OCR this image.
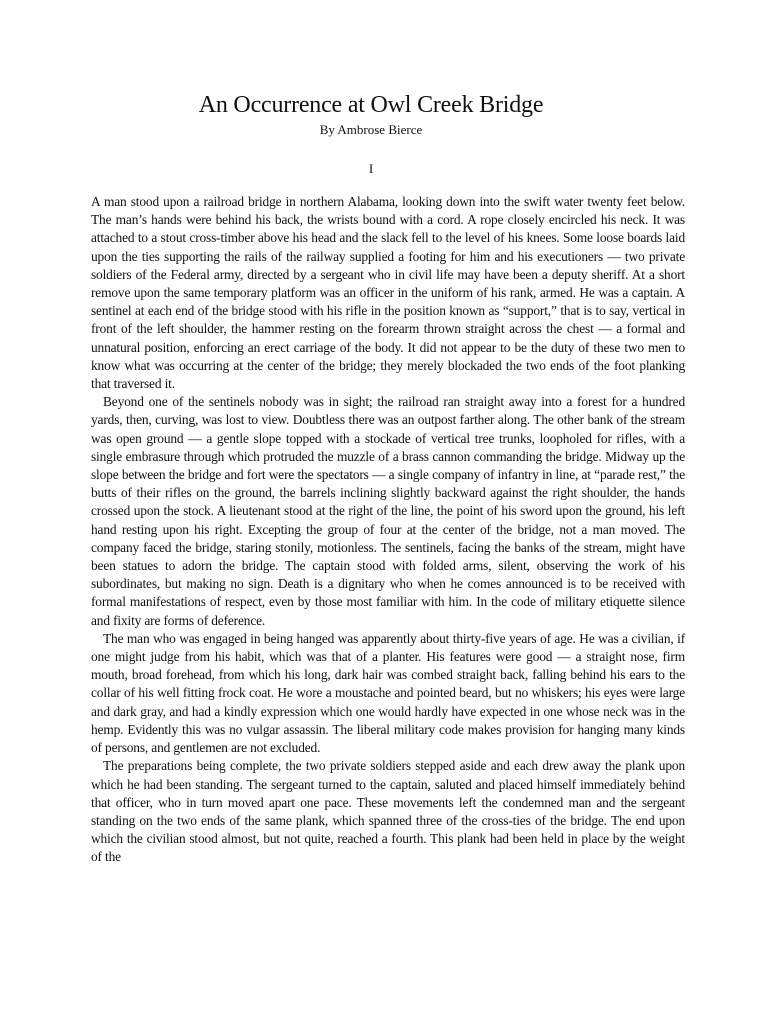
An Occurrence at Owl Creek Bridge
By Ambrose Bierce
I

A man stood upon a railroad bridge in northern Alabama, looking down into the swift water twenty feet below. The man’s hands were behind his back, the wrists bound with a cord. A rope closely encircled his neck. It was attached to a stout cross-timber above his head and the slack fell to the level of his knees. Some loose boards laid upon the ties supporting the rails of the railway supplied a footing for him and his executioners — two private soldiers of the Federal army, directed by a sergeant who in civil life may have been a deputy sheriff. At a short remove upon the same temporary platform was an officer in the uniform of his rank, armed. He was a captain. A sentinel at each end of the bridge stood with his rifle in the position known as “support,” that is to say, vertical in front of the left shoulder, the hammer resting on the forearm thrown straight across the chest — a formal and unnatural position, enforcing an erect carriage of the body. It did not appear to be the duty of these two men to know what was occurring at the center of the bridge; they merely blockaded the two ends of the foot planking that traversed it.

Beyond one of the sentinels nobody was in sight; the railroad ran straight away into a forest for a hundred yards, then, curving, was lost to view. Doubtless there was an outpost farther along. The other bank of the stream was open ground — a gentle slope topped with a stockade of vertical tree trunks, loopholed for rifles, with a single embrasure through which protruded the muzzle of a brass cannon commanding the bridge. Midway up the slope between the bridge and fort were the spectators — a single company of infantry in line, at “parade rest,” the butts of their rifles on the ground, the barrels inclining slightly backward against the right shoulder, the hands crossed upon the stock. A lieutenant stood at the right of the line, the point of his sword upon the ground, his left hand resting upon his right. Excepting the group of four at the center of the bridge, not a man moved. The company faced the bridge, staring stonily, motionless. The sentinels, facing the banks of the stream, might have been statues to adorn the bridge. The captain stood with folded arms, silent, observing the work of his subordinates, but making no sign. Death is a dignitary who when he comes announced is to be received with formal manifestations of respect, even by those most familiar with him. In the code of military etiquette silence and fixity are forms of deference.

The man who was engaged in being hanged was apparently about thirty-five years of age. He was a civilian, if one might judge from his habit, which was that of a planter. His features were good — a straight nose, firm mouth, broad forehead, from which his long, dark hair was combed straight back, falling behind his ears to the collar of his well fitting frock coat. He wore a moustache and pointed beard, but no whiskers; his eyes were large and dark gray, and had a kindly expression which one would hardly have expected in one whose neck was in the hemp. Evidently this was no vulgar assassin. The liberal military code makes provision for hanging many kinds of persons, and gentlemen are not excluded.

The preparations being complete, the two private soldiers stepped aside and each drew away the plank upon which he had been standing. The sergeant turned to the captain, saluted and placed himself immediately behind that officer, who in turn moved apart one pace. These movements left the condemned man and the sergeant standing on the two ends of the same plank, which spanned three of the cross-ties of the bridge. The end upon which the civilian stood almost, but not quite, reached a fourth. This plank had been held in place by the weight of the
